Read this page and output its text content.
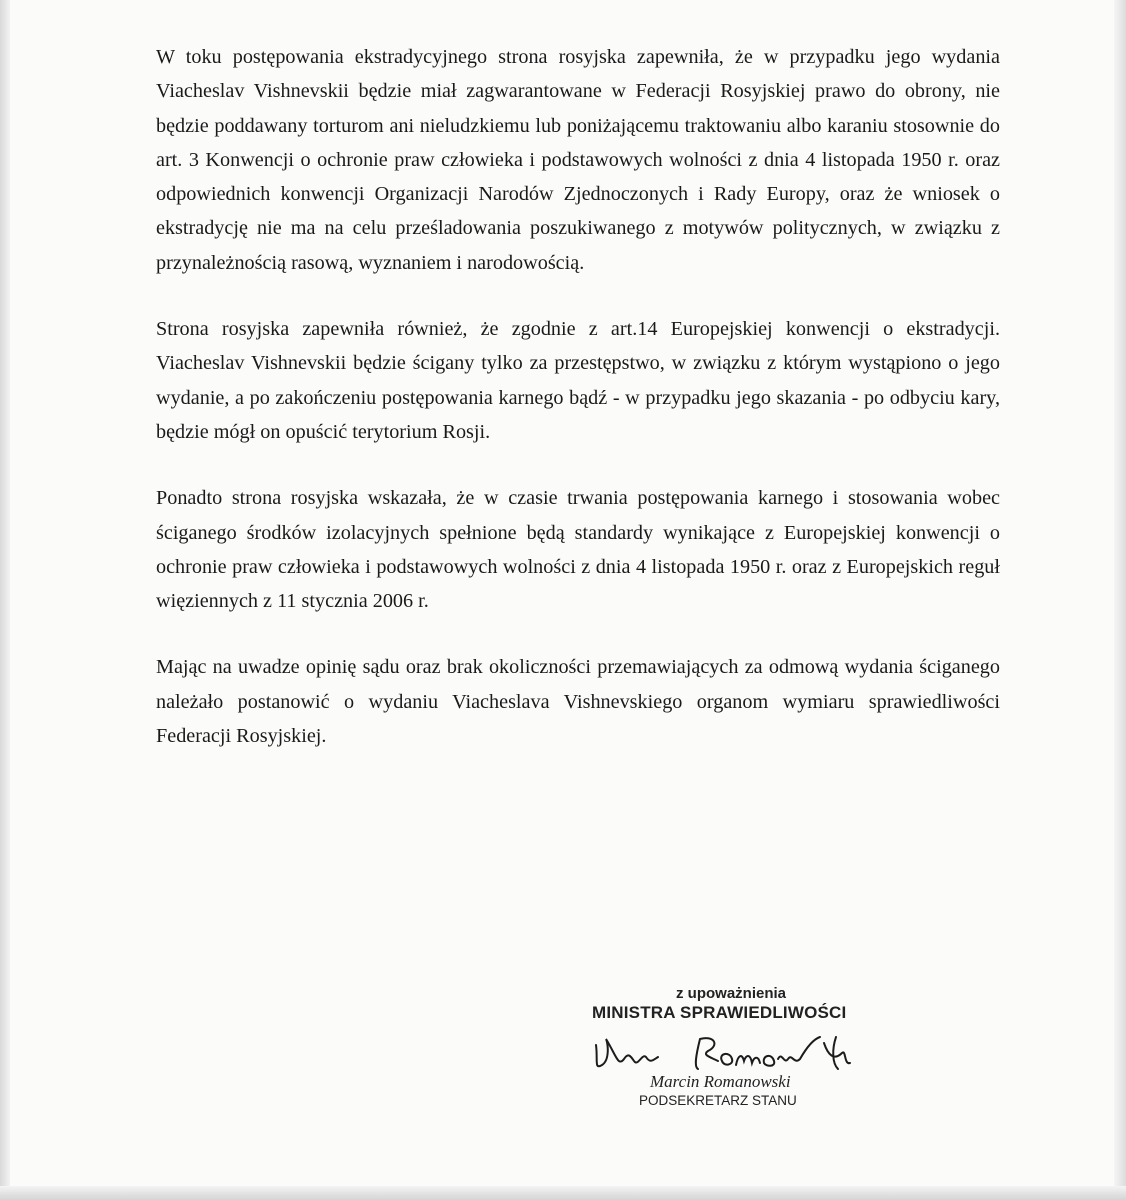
W toku postępowania ekstradycyjnego strona rosyjska zapewniła, że w przypadku jego wydania Viacheslav Vishnevskii będzie miał zagwarantowane w Federacji Rosyjskiej prawo do obrony, nie będzie poddawany torturom ani nieludzkiemu lub poniżającemu traktowaniu albo karaniu stosownie do art. 3 Konwencji o ochronie praw człowieka i podstawowych wolności z dnia 4 listopada 1950 r. oraz odpowiednich konwencji Organizacji Narodów Zjednoczonych i Rady Europy, oraz że wniosek o ekstradycję nie ma na celu prześladowania poszukiwanego z motywów politycznych, w związku z przynależnością rasową, wyznaniem i narodowością.

Strona rosyjska zapewniła również, że zgodnie z art.14 Europejskiej konwencji o ekstradycji. Viacheslav Vishnevskii będzie ścigany tylko za przestępstwo, w związku z którym wystąpiono o jego wydanie, a po zakończeniu postępowania karnego bądź - w przypadku jego skazania - po odbyciu kary, będzie mógł on opuścić terytorium Rosji.

Ponadto strona rosyjska wskazała, że w czasie trwania postępowania karnego i stosowania wobec ściganego środków izolacyjnych spełnione będą standardy wynikające z Europejskiej konwencji o ochronie praw człowieka i podstawowych wolności z dnia 4 listopada 1950 r. oraz z Europejskich reguł więziennych z 11 stycznia 2006 r.

Mając na uwadze opinię sądu oraz brak okoliczności przemawiających za odmową wydania ściganego należało postanowić o wydaniu Viacheslava Vishnevskiego organom wymiaru sprawiedliwości Federacji Rosyjskiej.

z upoważnienia
MINISTRA SPRAWIEDLIWOŚCI
Marcin Romanowski
PODSEKRETARZ STANU
